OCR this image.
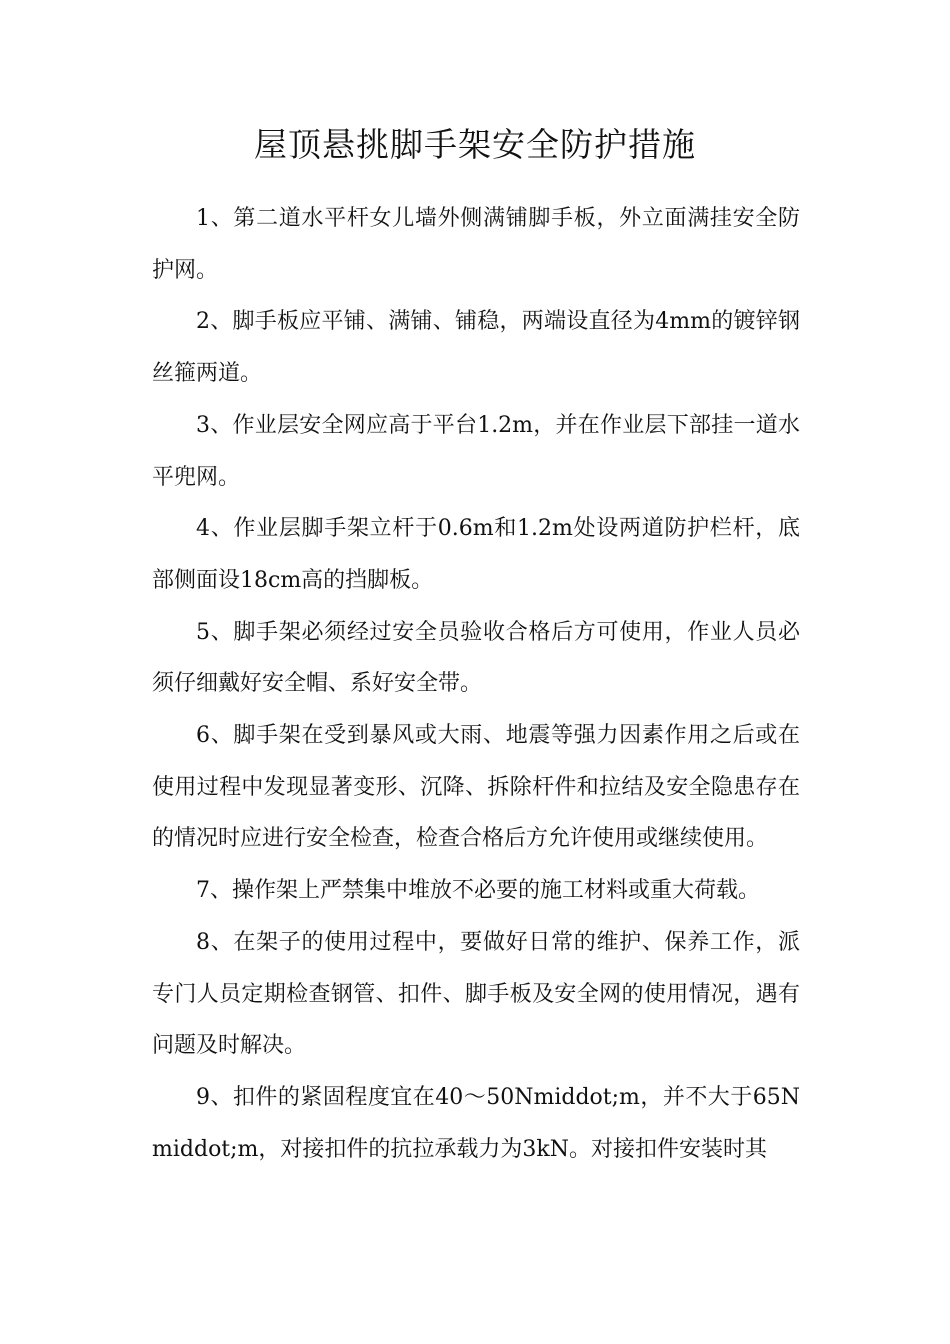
屋顶悬挑脚手架安全防护措施

1、第二道水平杆女儿墙外侧满铺脚手板，外立面满挂安全防护网。

2、脚手板应平铺、满铺、铺稳，两端设直径为4mm的镀锌钢丝箍两道。

3、作业层安全网应高于平台1.2m，并在作业层下部挂一道水平兜网。

4、作业层脚手架立杆于0.6m和1.2m处设两道防护栏杆，底部侧面设18cm高的挡脚板。

5、脚手架必须经过安全员验收合格后方可使用，作业人员必须仔细戴好安全帽、系好安全带。

6、脚手架在受到暴风或大雨、地震等强力因素作用之后或在使用过程中发现显著变形、沉降、拆除杆件和拉结及安全隐患存在的情况时应进行安全检查，检查合格后方允许使用或继续使用。

7、操作架上严禁集中堆放不必要的施工材料或重大荷载。

8、在架子的使用过程中，要做好日常的维护、保养工作，派专门人员定期检查钢管、扣件、脚手板及安全网的使用情况，遇有问题及时解决。

9、扣件的紧固程度宜在40～50Nmiddot;m，并不大于65Nmiddot;m，对接扣件的抗拉承载力为3kN。对接扣件安装时其
